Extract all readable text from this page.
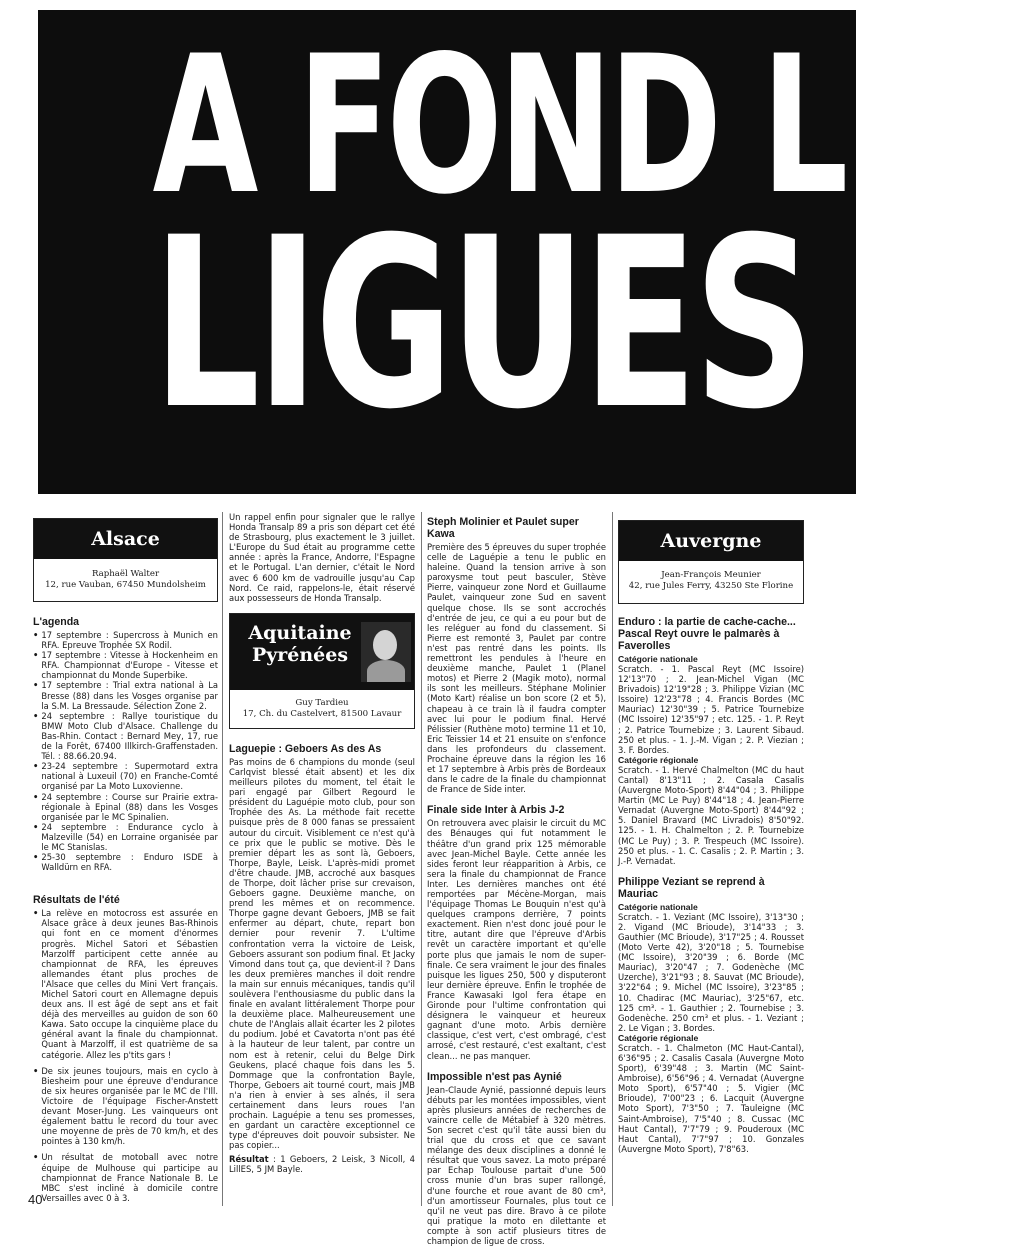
A FOND LES
LIGUES
Alsace
Raphaël Walter
12, rue Vauban, 67450 Mundolsheim
L'agenda
• 17 septembre : Supercross à Munich en RFA. Epreuve Trophée SX Rodil.
• 17 septembre : Vitesse à Hockenheim en RFA. Championnat d'Europe - Vitesse et championnat du Monde Superbike.
• 17 septembre : Trial extra national à La Bresse (88) dans les Vosges organise par la S.M. La Bressaude. Sélection Zone 2.
• 24 septembre : Rallye touristique du BMW Moto Club d'Alsace. Challenge du Bas-Rhin. Contact : Bernard Mey, 17, rue de la Forêt, 67400 Illkirch-Graffenstaden. Tél. : 88.66.20.94.
• 23-24 septembre : Supermotard extra national à Luxeuil (70) en Franche-Comté organisé par La Moto Luxovienne.
• 24 septembre : Course sur Prairie extra-régionale à Epinal (88) dans les Vosges organisée par le MC Spinalien.
• 24 septembre : Endurance cyclo à Malzeville (54) en Lorraine organisée par le MC Stanislas.
• 25-30 septembre : Enduro ISDE à Walldürn en RFA.
Résultats de l'été
• La relève en motocross est assurée en Alsace grâce à deux jeunes Bas-Rhinois qui font en ce moment d'énormes progrès. Michel Satori et Sébastien Marzolff participent cette année au championnat de RFA, les épreuves allemandes étant plus proches de l'Alsace que celles du Mini Vert français. Michel Satori court en Allemagne depuis deux ans. Il est âgé de sept ans et fait déjà des merveilles au guidon de son 60 Kawa. Sato occupe la cinquième place du général avant la finale du championnat. Quant à Marzolff, il est quatrième de sa catégorie. Allez les p'tits gars !
• De six jeunes toujours, mais en cyclo à Biesheim pour une épreuve d'endurance de six heures organisée par le MC de l'Ill. Victoire de l'équipage Fischer-Anstett devant Moser-Jung. Les vainqueurs ont également battu le record du tour avec une moyenne de près de 70 km/h, et des pointes à 130 km/h.
• Un résultat de motoball avec notre équipe de Mulhouse qui participe au championnat de France Nationale B. Le MBC s'est incliné à domicile contre Versailles avec 0 à 3.

Un rappel enfin pour signaler que le rallye Honda Transalp 89 a pris son départ cet été de Strasbourg, plus exactement le 3 juillet. L'Europe du Sud était au programme cette année : après la France, Andorre, l'Espagne et le Portugal. L'an dernier, c'était le Nord avec 6 600 km de vadrouille jusqu'au Cap Nord. Ce raid, rappelons-le, était réservé aux possesseurs de Honda Transalp.

Aquitaine
Pyrénées
Guy Tardieu
17, Ch. du Castelvert, 81500 Lavaur
Laguepie : Geboers As des As

Pas moins de 6 champions du monde (seul Carlqvist blessé était absent) et les dix meilleurs pilotes du moment, tel était le pari engagé par Gilbert Regourd le président du Laguépie moto club, pour son Trophée des As. La méthode fait recette puisque près de 8 000 fanas se pressaient autour du circuit. Visiblement ce n'est qu'à ce prix que le public se motive. Dès le premier départ les as sont là, Geboers, Thorpe, Bayle, Leisk. L'après-midi promet d'être chaude. JMB, accroché aux basques de Thorpe, doit lâcher prise sur crevaison, Geboers gagne. Deuxième manche, on prend les mêmes et on recommence. Thorpe gagne devant Geboers, JMB se fait enfermer au départ, chute, repart bon dernier pour revenir 7. L'ultime confrontation verra la victoire de Leisk, Geboers assurant son podium final. Et Jacky Vimond dans tout ça, que devient-il ? Dans les deux premières manches il doit rendre la main sur ennuis mécaniques, tandis qu'il soulèvera l'enthousiasme du public dans la finale en avalant littéralement Thorpe pour la deuxième place. Malheureusement une chute de l'Anglais allait écarter les 2 pilotes du podium. Jobé et Cavatorta n'ont pas été à la hauteur de leur talent, par contre un nom est à retenir, celui du Belge Dirk Geukens, placé chaque fois dans les 5. Dommage que la confrontation Bayle, Thorpe, Geboers ait tourné court, mais JMB n'a rien à envier à ses aînés, il sera certainement dans leurs roues l'an prochain. Laguépie a tenu ses promesses, en gardant un caractère exceptionnel ce type d'épreuves doit pouvoir subsister. Ne pas copier...

Résultat : 1 Geboers, 2 Leisk, 3 Nicoll, 4 LillES, 5 JM Bayle.

Steph Molinier et Paulet super Kawa

Première des 5 épreuves du super trophée celle de Laguépie a tenu le public en haleine. Quand la tension arrive à son paroxysme tout peut basculer, Stève Pierre, vainqueur zone Nord et Guillaume Paulet, vainqueur zone Sud en savent quelque chose. Ils se sont accrochés d'entrée de jeu, ce qui a eu pour but de les reléguer au fond du classement. Si Pierre est remonté 3, Paulet par contre n'est pas rentré dans les points. Ils remettront les pendules à l'heure en deuxième manche, Paulet 1 (Planel motos) et Pierre 2 (Magik moto), normal ils sont les meilleurs. Stéphane Molinier (Moto Kart) réalise un bon score (2 et 5), chapeau à ce train là il faudra compter avec lui pour le podium final. Hervé Pélissier (Ruthène moto) termine 11 et 10, Eric Teissier 14 et 21 ensuite on s'enfonce dans les profondeurs du classement. Prochaine épreuve dans la région les 16 et 17 septembre à Arbis près de Bordeaux dans le cadre de la finale du championnat de France de Side inter.

Finale side Inter à Arbis J-2

On retrouvera avec plaisir le circuit du MC des Bénauges qui fut notamment le théâtre d'un grand prix 125 mémorable avec Jean-Michel Bayle. Cette année les sides feront leur réapparition à Arbis, ce sera la finale du championnat de France Inter. Les dernières manches ont été remportées par Mécène-Morgan, mais l'équipage Thomas Le Bouquin n'est qu'à quelques crampons derrière, 7 points exactement. Rien n'est donc joué pour le titre, autant dire que l'épreuve d'Arbis revêt un caractère important et qu'elle porte plus que jamais le nom de super-finale. Ce sera vraiment le jour des finales puisque les ligues 250, 500 y disputeront leur dernière épreuve. Enfin le trophée de France Kawasaki Igol fera étape en Gironde pour l'ultime confrontation qui désignera le vainqueur et heureux gagnant d'une moto. Arbis dernière classique, c'est vert, c'est ombragé, c'est arrosé, c'est restauré, c'est exaltant, c'est clean... ne pas manquer.

Impossible n'est pas Aynié

Jean-Claude Aynié, passionné depuis leurs débuts par les montées impossibles, vient après plusieurs années de recherches de vaincre celle de Métabief à 320 mètres. Son secret c'est qu'il tâte aussi bien du trial que du cross et que ce savant mélange des deux disciplines a donné le résultat que vous savez. La moto préparé par Echap Toulouse partait d'une 500 cross munie d'un bras super rallongé, d'une fourche et roue avant de 80 cm³, d'un amortisseur Fournales, plus tout ce qu'il ne veut pas dire. Bravo à ce pilote qui pratique la moto en dilettante et compte à son actif plusieurs titres de champion de ligue de cross.

Auvergne
Jean-François Meunier
42, rue Jules Ferry, 43250 Ste Florine
Enduro : la partie de cache-cache... Pascal Reyt ouvre le palmarès à Faverolles
Catégorie nationale

Scratch. - 1. Pascal Reyt (MC Issoire) 12'13"70 ; 2. Jean-Michel Vigan (MC Brivadois) 12'19"28 ; 3. Philippe Vizian (MC Issoire) 12'23"78 ; 4. Francis Bordes (MC Mauriac) 12'30"39 ; 5. Patrice Tournebize (MC Issoire) 12'35"97 ; etc. 125. - 1. P. Reyt ; 2. Patrice Tournebize ; 3. Laurent Sibaud. 250 et plus. - 1. J.-M. Vigan ; 2. P. Viezian ; 3. F. Bordes.

Catégorie régionale

Scratch. - 1. Hervé Chalmelton (MC du haut Cantal) 8'13"11 ; 2. Casala Casalis (Auvergne Moto-Sport) 8'44"04 ; 3. Philippe Martin (MC Le Puy) 8'44"18 ; 4. Jean-Pierre Vernadat (Auvergne Moto-Sport) 8'44"92 ; 5. Daniel Bravard (MC Livradois) 8'50"92. 125. - 1. H. Chalmelton ; 2. P. Tournebize (MC Le Puy) ; 3. P. Trespeuch (MC Issoire). 250 et plus. - 1. C. Casalis ; 2. P. Martin ; 3. J.-P. Vernadat.

Philippe Veziant se reprend à Mauriac
Catégorie nationale

Scratch. - 1. Veziant (MC Issoire), 3'13"30 ; 2. Vigand (MC Brioude), 3'14"33 ; 3. Gauthier (MC Brioude), 3'17"25 ; 4. Rousset (Moto Verte 42), 3'20"18 ; 5. Tournebise (MC Issoire), 3'20"39 ; 6. Borde (MC Mauriac), 3'20"47 ; 7. Godenèche (MC Uzerche), 3'21"93 ; 8. Sauvat (MC Brioude), 3'22"64 ; 9. Michel (MC Issoire), 3'23"85 ; 10. Chadirac (MC Mauriac), 3'25"67, etc. 125 cm³. - 1. Gauthier ; 2. Tournebise ; 3. Godenèche. 250 cm³ et plus. - 1. Veziant ; 2. Le Vigan ; 3. Bordes.

Catégorie régionale

Scratch. - 1. Chalmeton (MC Haut-Cantal), 6'36"95 ; 2. Casalis Casala (Auvergne Moto Sport), 6'39"48 ; 3. Martin (MC Saint-Ambroise), 6'56"96 ; 4. Vernadat (Auvergne Moto Sport), 6'57"40 ; 5. Vigier (MC Brioude), 7'00"23 ; 6. Lacquit (Auvergne Moto Sport), 7'3"50 ; 7. Tauleigne (MC Saint-Ambroise), 7'5"40 ; 8. Cussac (MC Haut Cantal), 7'7"79 ; 9. Pouderoux (MC Haut Cantal), 7'7"97 ; 10. Gonzales (Auvergne Moto Sport), 7'8"63.

40
